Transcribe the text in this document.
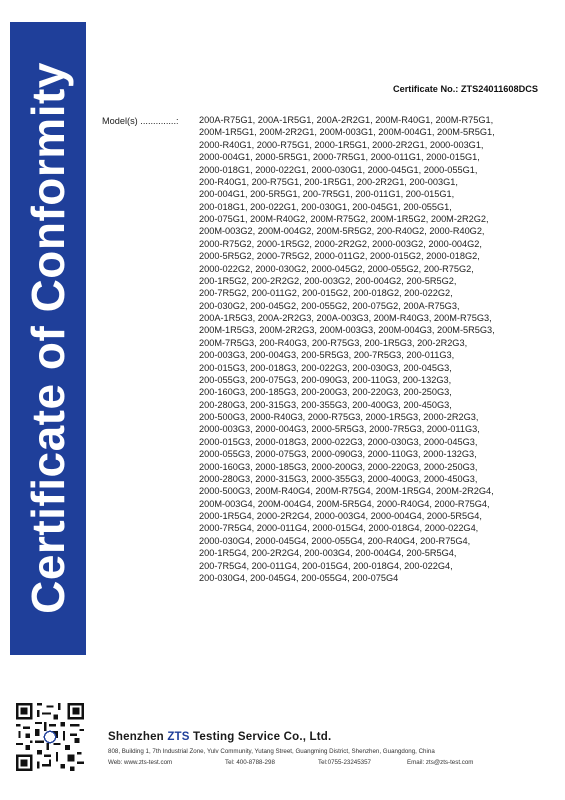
Certificate of Conformity	Certificate No.: ZTS24011608DCS
Model(s) ..............: 200A-R75G1, 200A-1R5G1, 200A-2R2G1, 200M-R40G1, 200M-R75G1,
200M-1R5G1, 200M-2R2G1, 200M-003G1, 200M-004G1, 200M-5R5G1,
2000-R40G1, 2000-R75G1, 2000-1R5G1, 2000-2R2G1, 2000-003G1,
2000-004G1, 2000-5R5G1, 2000-7R5G1, 2000-011G1, 2000-015G1,
2000-018G1, 2000-022G1, 2000-030G1, 2000-045G1, 2000-055G1,
200-R40G1, 200-R75G1, 200-1R5G1, 200-2R2G1, 200-003G1,
200-004G1, 200-5R5G1, 200-7R5G1, 200-011G1, 200-015G1,
200-018G1, 200-022G1, 200-030G1, 200-045G1, 200-055G1,
200-075G1, 200M-R40G2, 200M-R75G2, 200M-1R5G2, 200M-2R2G2,
200M-003G2, 200M-004G2, 200M-5R5G2, 200-R40G2, 2000-R40G2,
2000-R75G2, 2000-1R5G2, 2000-2R2G2, 2000-003G2, 2000-004G2,
2000-5R5G2, 2000-7R5G2, 2000-011G2, 2000-015G2, 2000-018G2,
2000-022G2, 2000-030G2, 2000-045G2, 2000-055G2, 200-R75G2,
200-1R5G2, 200-2R2G2, 200-003G2, 200-004G2, 200-5R5G2,
200-7R5G2, 200-011G2, 200-015G2, 200-018G2, 200-022G2,
200-030G2, 200-045G2, 200-055G2, 200-075G2, 200A-R75G3,
200A-1R5G3, 200A-2R2G3, 200A-003G3, 200M-R40G3, 200M-R75G3,
200M-1R5G3, 200M-2R2G3, 200M-003G3, 200M-004G3, 200M-5R5G3,
200M-7R5G3, 200-R40G3, 200-R75G3, 200-1R5G3, 200-2R2G3,
200-003G3, 200-004G3, 200-5R5G3, 200-7R5G3, 200-011G3,
200-015G3, 200-018G3, 200-022G3, 200-030G3, 200-045G3,
200-055G3, 200-075G3, 200-090G3, 200-110G3, 200-132G3,
200-160G3, 200-185G3, 200-200G3, 200-220G3, 200-250G3,
200-280G3, 200-315G3, 200-355G3, 200-400G3, 200-450G3,
200-500G3, 2000-R40G3, 2000-R75G3, 2000-1R5G3, 2000-2R2G3,
2000-003G3, 2000-004G3, 2000-5R5G3, 2000-7R5G3, 2000-011G3,
2000-015G3, 2000-018G3, 2000-022G3, 2000-030G3, 2000-045G3,
2000-055G3, 2000-075G3, 2000-090G3, 2000-110G3, 2000-132G3,
2000-160G3, 2000-185G3, 2000-200G3, 2000-220G3, 2000-250G3,
2000-280G3, 2000-315G3, 2000-355G3, 2000-400G3, 2000-450G3,
2000-500G3, 200M-R40G4, 200M-R75G4, 200M-1R5G4, 200M-2R2G4,
200M-003G4, 200M-004G4, 200M-5R5G4, 2000-R40G4, 2000-R75G4,
2000-1R5G4, 2000-2R2G4, 2000-003G4, 2000-004G4, 2000-5R5G4,
2000-7R5G4, 2000-011G4, 2000-015G4, 2000-018G4, 2000-022G4,
2000-030G4, 2000-045G4, 2000-055G4, 200-R40G4, 200-R75G4,
200-1R5G4, 200-2R2G4, 200-003G4, 200-004G4, 200-5R5G4,
200-7R5G4, 200-011G4, 200-015G4, 200-018G4, 200-022G4,
200-030G4, 200-045G4, 200-055G4, 200-075G4
Shenzhen ZTS Testing Service Co., Ltd.
808, Building 1, 7th Industrial Zone, Yulv Community, Yutang Street, Guangming District, Shenzhen, Guangdong, China
Web: www.zts-test.com	Tel: 400-8788-298	Tel:0755-23245357	Email: zts@zts-test.com
